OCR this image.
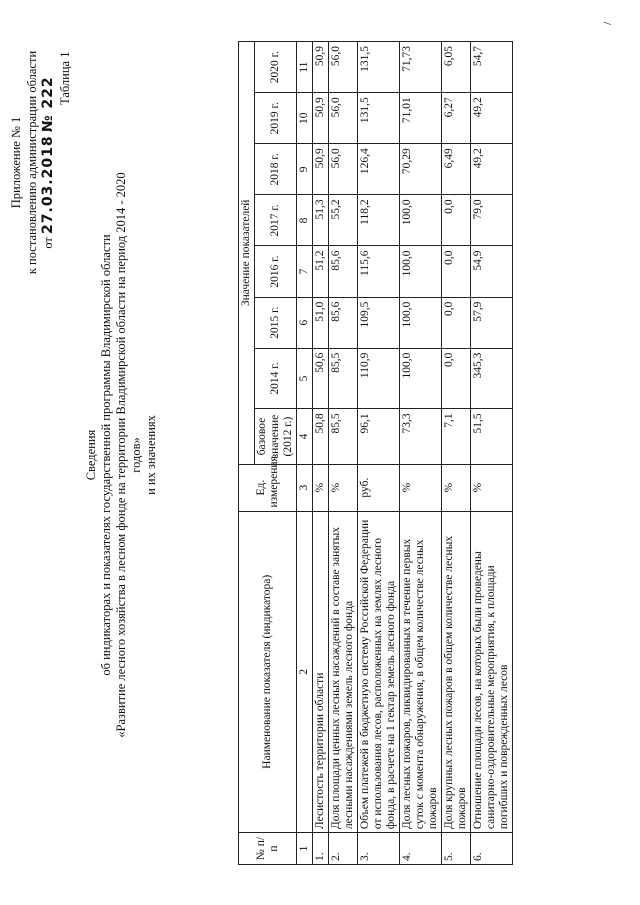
Приложение № 1 к постановлению администрации области от 27.03.2018 № 222 Таблица 1
Сведения об индикаторах и показателях государственной программы Владимирской области «Развитие лесного хозяйства в лесном фонде на территории Владимирской области на период 2014 - 2020 годов» и их значениях
№ п/п	Наименование показателя (индикатора)	Ед. измерения	Значение показателей							
			базовое значение (2012 г.)	2014 г.	2015 г.	2016 г.	2017 г.	2018 г.	2019 г.	2020 г.
1	2	3	4	5	6	7	8	9	10	11
1.	Лесистость территории области	%	50,8	50,6	51,0	51,2	51,3	50,9	50,9	50,9
2.	Доля площади ценных лесных насаждений в составе занятых лесными насаждениями земель лесного фонда	%	85,5	85,5	85,6	85,6	55,2	56,0	56,0	56,0
3.	Объем платежей в бюджетную систему Российской Федерации от использования лесов, расположенных на землях лесного фонда, в расчете на 1 гектар земель лесного фонда	руб.	96,1	110,9	109,5	115,6	118,2	126,4	131,5	131,5
4.	Доля лесных пожаров, ликвидированных в течение первых суток с момента обнаружения, в общем количестве лесных пожаров	%	73,3	100,0	100,0	100,0	100,0	70,29	71,01	71,73
5.	Доля крупных лесных пожаров в общем количестве лесных пожаров	%	7,1	0,0	0,0	0,0	0,0	6,49	6,27	6,05
6.	Отношение площади лесов, на которых были проведены санитарно-оздоровительные мероприятия, к площади погибших и поврежденных лесов	%	51,5	345,3	57,9	54,9	79,0	49,2	49,2	54,7
/
